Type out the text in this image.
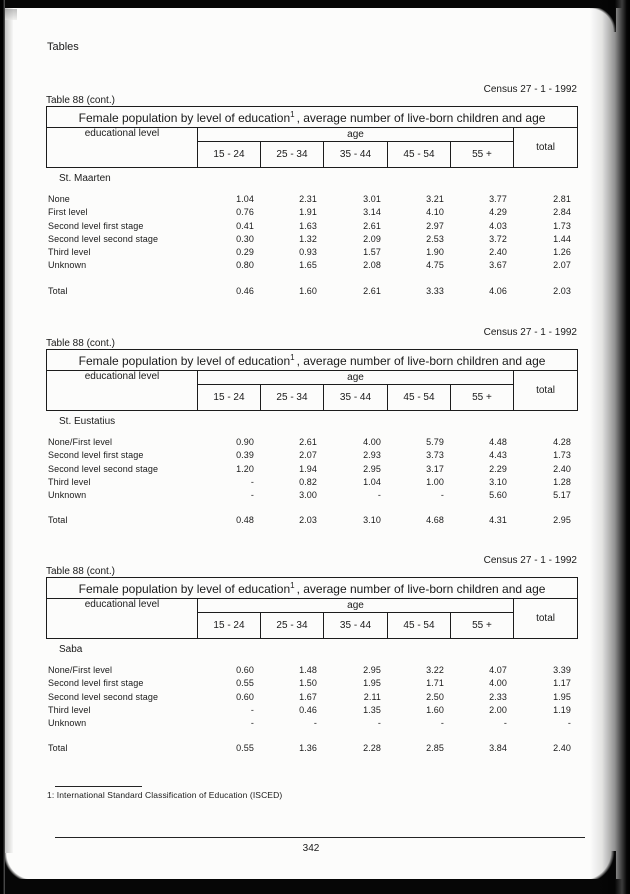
Tables
Census 27 - 1 - 1992
Table 88 (cont.)
Female population by level of education$^1$ , average number of live-born children and age						
educational level	age					total
	15 - 24	25 - 34	35 - 44	45 - 54	55 +	
St. Maarten
None	1.04	2.31	3.01	3.21	3.77	2.81
First level	0.76	1.91	3.14	4.10	4.29	2.84
Second level first stage	0.41	1.63	2.61	2.97	4.03	1.73
Second level second stage	0.30	1.32	2.09	2.53	3.72	1.44
Third level	0.29	0.93	1.57	1.90	2.40	1.26
Unknown	0.80	1.65	2.08	4.75	3.67	2.07
Total	0.46	1.60	2.61	3.33	4.06	2.03
Census 27 - 1 - 1992
Table 88 (cont.)
Female population by level of education$^1$ , average number of live-born children and age						
educational level	age					total
	15 - 24	25 - 34	35 - 44	45 - 54	55 +	
St. Eustatius
None/First level	0.90	2.61	4.00	5.79	4.48	4.28
Second level first stage	0.39	2.07	2.93	3.73	4.43	1.73
Second level second stage	1.20	1.94	2.95	3.17	2.29	2.40
Third level	-	0.82	1.04	1.00	3.10	1.28
Unknown	-	3.00	-	-	5.60	5.17
Total	0.48	2.03	3.10	4.68	4.31	2.95
Census 27 - 1 - 1992
Table 88 (cont.)
Female population by level of education$^1$ , average number of live-born children and age						
educational level	age					total
	15 - 24	25 - 34	35 - 44	45 - 54	55 +	
Saba
None/First level	0.60	1.48	2.95	3.22	4.07	3.39
Second level first stage	0.55	1.50	1.95	1.71	4.00	1.17
Second level second stage	0.60	1.67	2.11	2.50	2.33	1.95
Third level	-	0.46	1.35	1.60	2.00	1.19
Unknown	-	-	-	-	-	-
Total	0.55	1.36	2.28	2.85	3.84	2.40
1: International Standard Classification of Education (ISCED)
342
